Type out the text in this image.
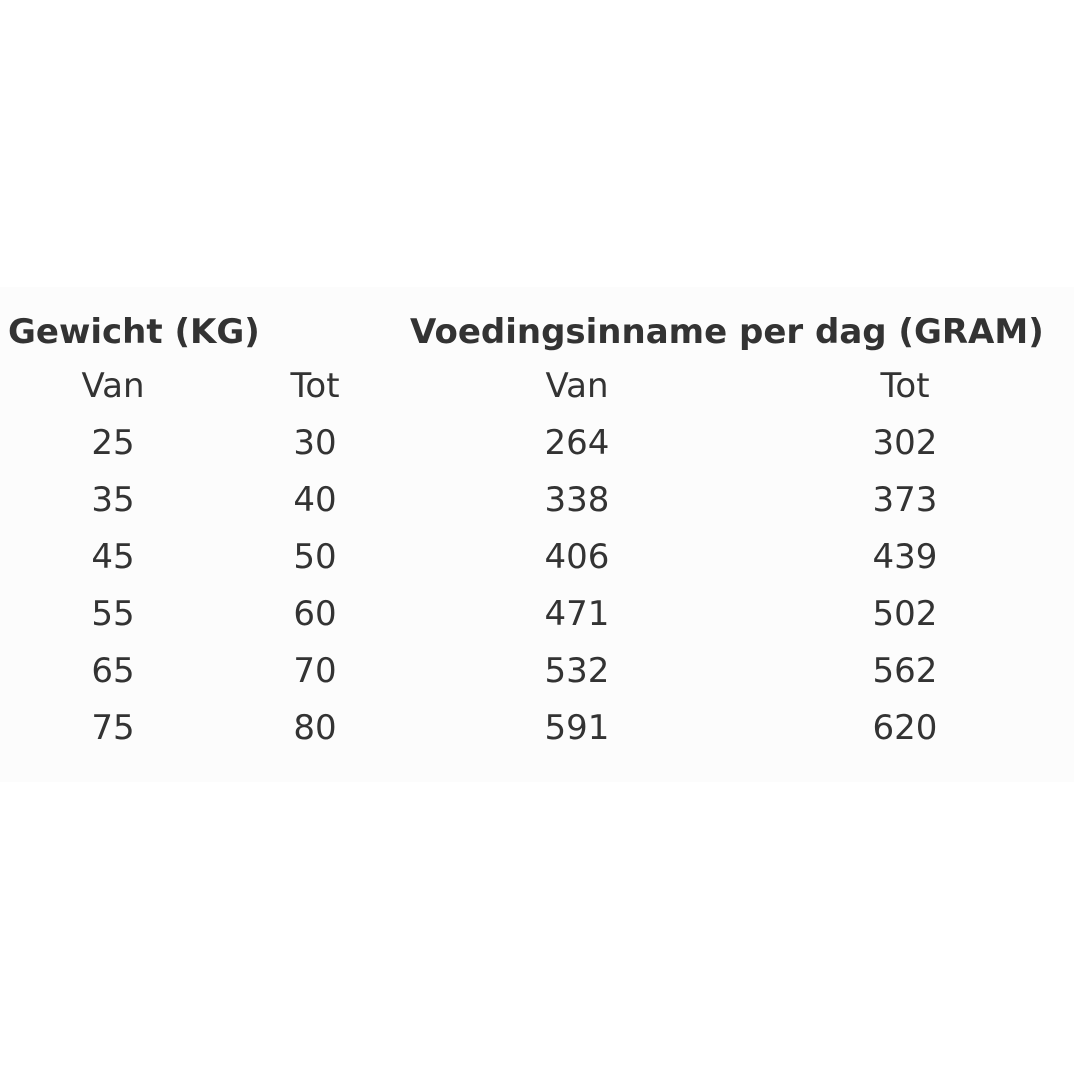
Gewicht (KG)	Voedingsinname per dag (GRAM)
Van	Tot	Van	Tot
25	30	264	302
35	40	338	373
45	50	406	439
55	60	471	502
65	70	532	562
75	80	591	620
